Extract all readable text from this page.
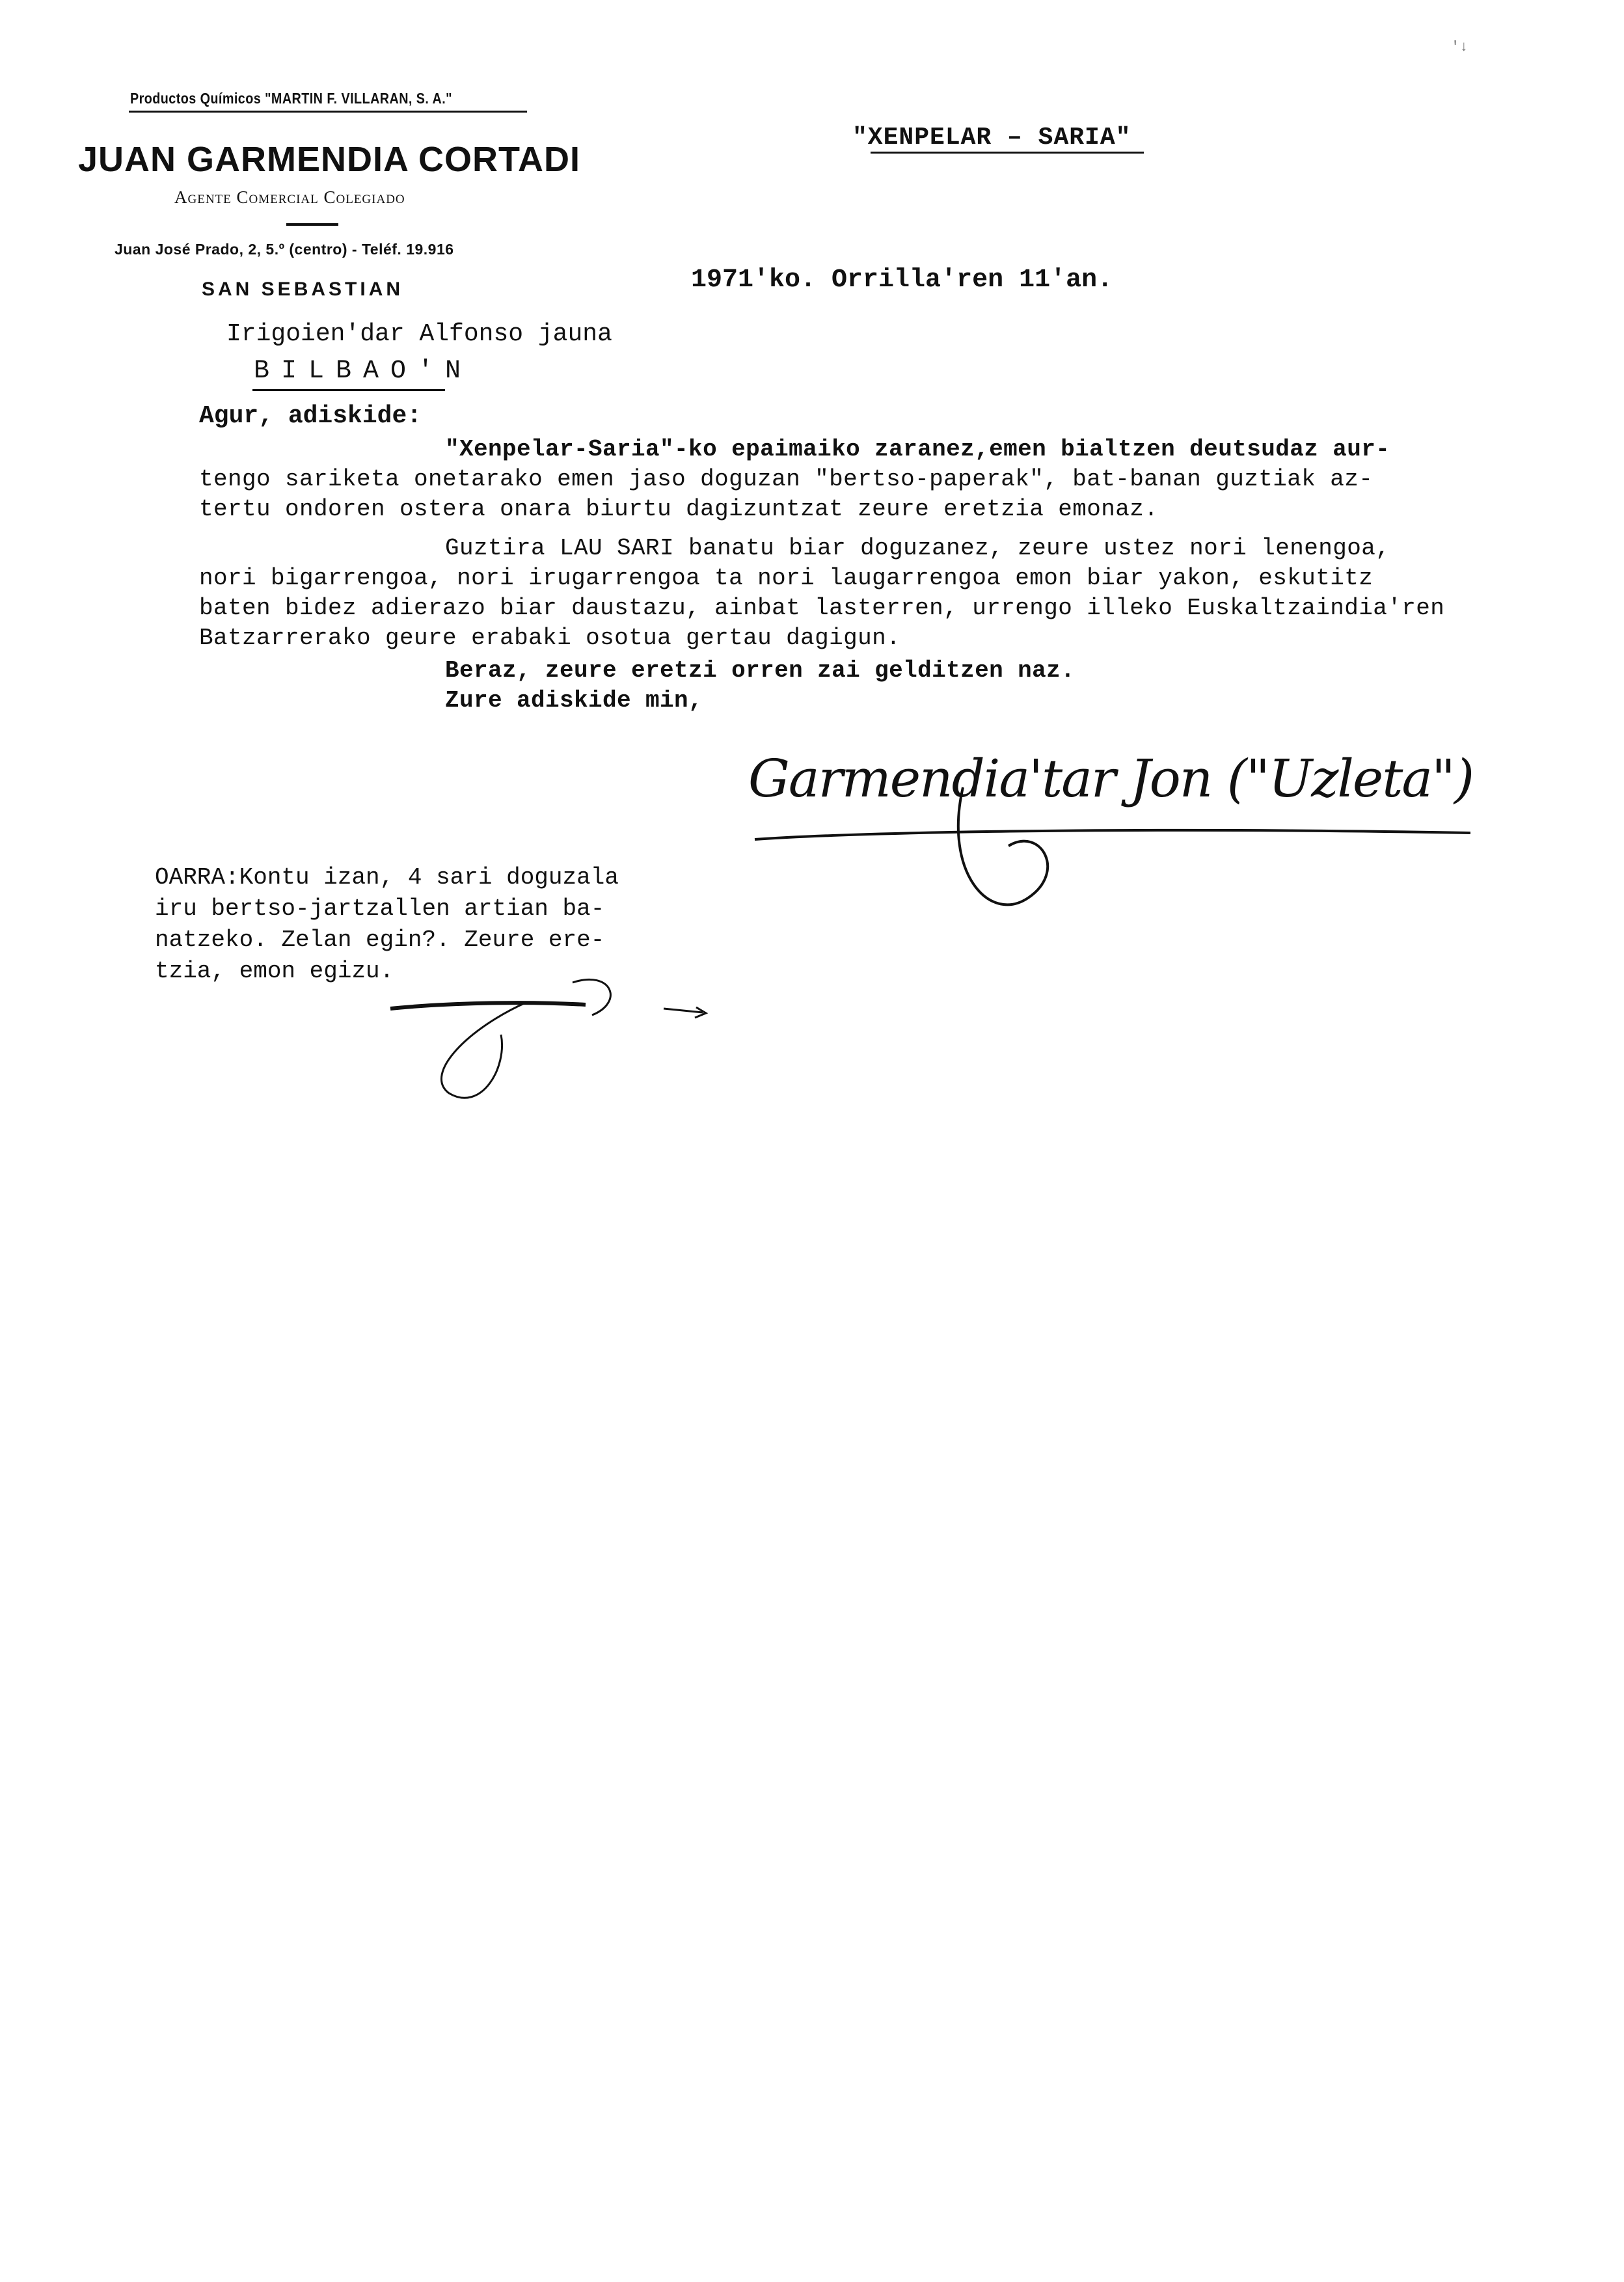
'↓
Productos Químicos "MARTIN F. VILLARAN, S. A."
JUAN GARMENDIA CORTADI
Agente Comercial Colegiado
Juan José Prado, 2, 5.º (centro) - Teléf. 19.916
SAN SEBASTIAN
"XENPELAR – SARIA"
1971'ko. Orrilla'ren 11'an.
Irigoien'dar Alfonso jauna
BILBAO'N
Agur, adiskide:
"Xenpelar-Saria"-ko epaimaiko zaranez,emen bialtzen deutsudaz aur-
tengo sariketa onetarako emen jaso doguzan "bertso-paperak", bat-banan guztiak az-
tertu ondoren ostera onara biurtu dagizuntzat zeure eretzia emonaz.
Guztira LAU SARI banatu biar doguzanez, zeure ustez nori lenengoa,
nori bigarrengoa, nori irugarrengoa ta nori laugarrengoa emon biar yakon, eskutitz
baten bidez adierazo biar daustazu, ainbat lasterren, urrengo illeko Euskaltzaindia'ren
Batzarrerako geure erabaki osotua gertau dagigun.
Beraz, zeure eretzi orren zai gelditzen naz.
Zure adiskide min,
Garmendia'tar Jon ("Uzleta")
OARRA:Kontu izan, 4 sari doguzala
iru bertso-jartzallen artian ba-
natzeko. Zelan egin?. Zeure ere-
tzia, emon egizu.
